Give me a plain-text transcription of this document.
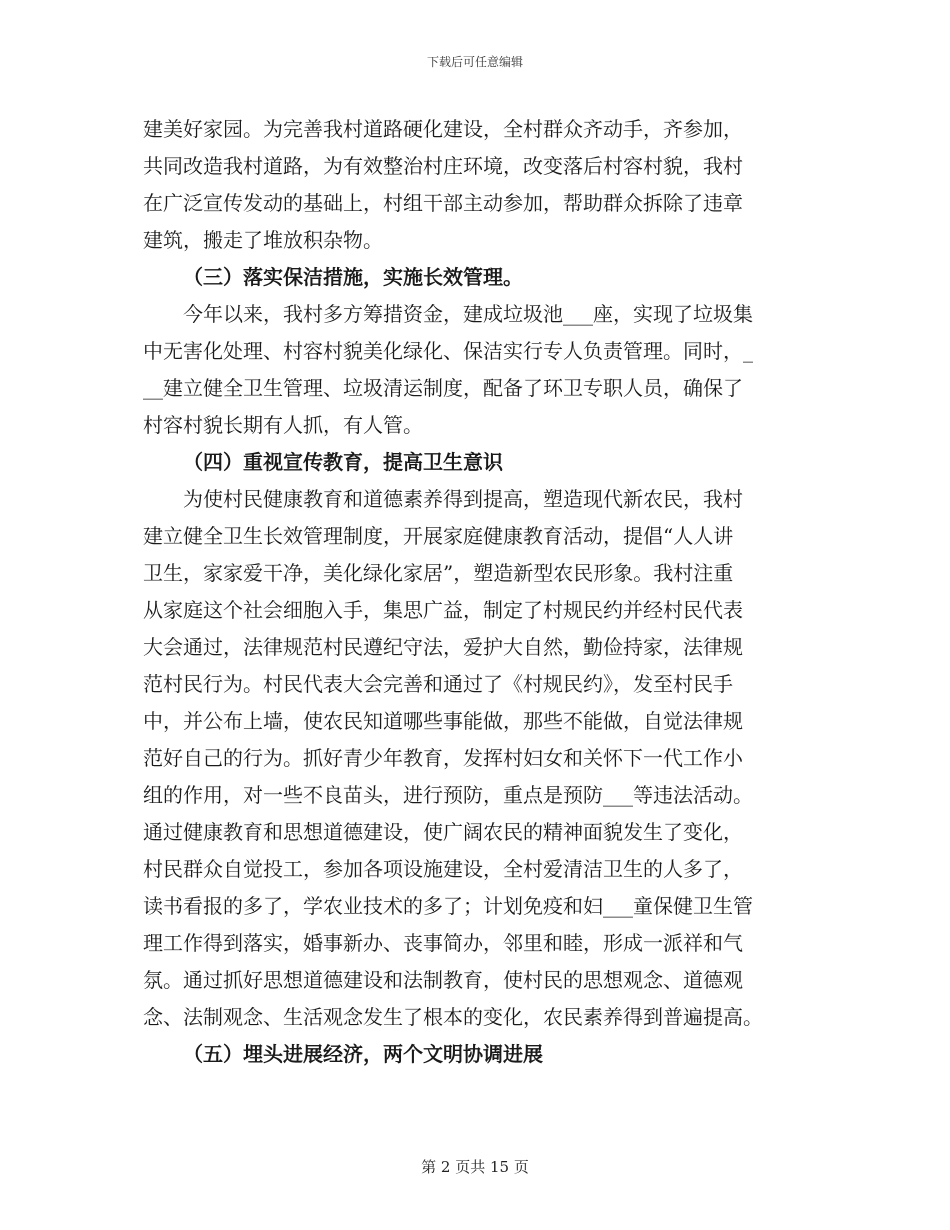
下载后可任意编辑
建美好家园。为完善我村道路硬化建设，全村群众齐动手，齐参加，
共同改造我村道路，为有效整治村庄环境，改变落后村容村貌，我村
在广泛宣传发动的基础上，村组干部主动参加，帮助群众拆除了违章
建筑，搬走了堆放积杂物。
（三）落实保洁措施，实施长效管理。
今年以来，我村多方筹措资金，建成垃圾池___座，实现了垃圾集
中无害化处理、村容村貌美化绿化、保洁实行专人负责管理。同时，_
__建立健全卫生管理、垃圾清运制度，配备了环卫专职人员，确保了
村容村貌长期有人抓，有人管。
（四）重视宣传教育，提高卫生意识
为使村民健康教育和道德素养得到提高，塑造现代新农民，我村
建立健全卫生长效管理制度，开展家庭健康教育活动，提倡“人人讲
卫生，家家爱干净，美化绿化家居”，塑造新型农民形象。我村注重
从家庭这个社会细胞入手，集思广益，制定了村规民约并经村民代表
大会通过，法律规范村民遵纪守法，爱护大自然，勤俭持家，法律规
范村民行为。村民代表大会完善和通过了《村规民约》，发至村民手
中，并公布上墙，使农民知道哪些事能做，那些不能做，自觉法律规
范好自己的行为。抓好青少年教育，发挥村妇女和关怀下一代工作小
组的作用，对一些不良苗头，进行预防，重点是预防___等违法活动。
通过健康教育和思想道德建设，使广阔农民的精神面貌发生了变化，
村民群众自觉投工，参加各项设施建设，全村爱清洁卫生的人多了，
读书看报的多了，学农业技术的多了；计划免疫和妇___童保健卫生管
理工作得到落实，婚事新办、丧事简办，邻里和睦，形成一派祥和气
氛。通过抓好思想道德建设和法制教育，使村民的思想观念、道德观
念、法制观念、生活观念发生了根本的变化，农民素养得到普遍提高。
（五）埋头进展经济，两个文明协调进展
第 2 页共 15 页
